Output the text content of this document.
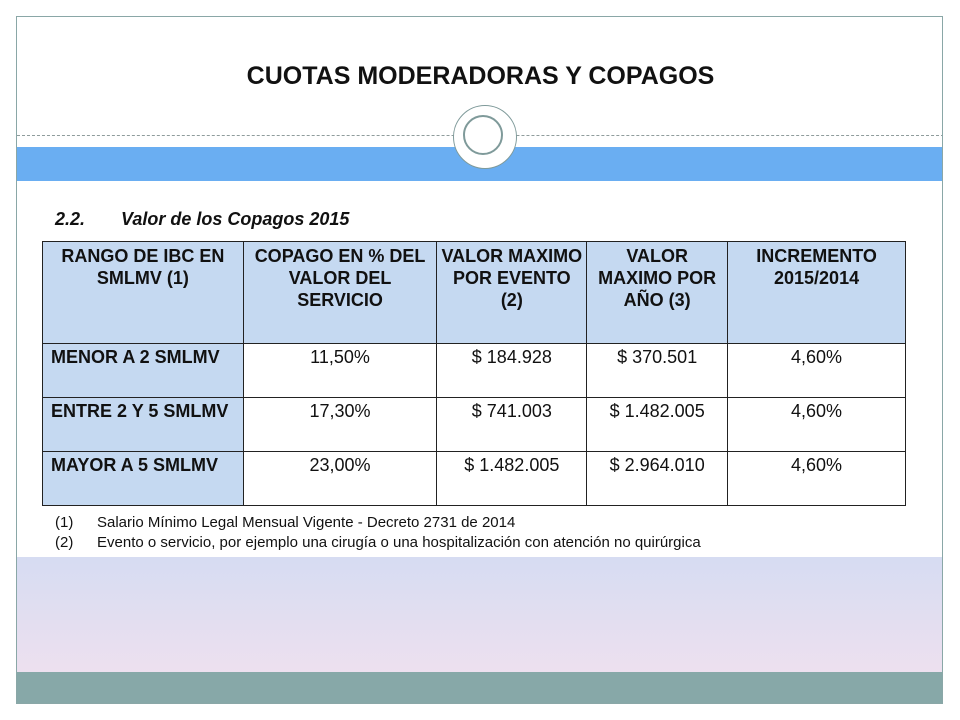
CUOTAS MODERADORAS Y COPAGOS
2.2. Valor de los Copagos 2015
RANGO DE IBC EN SMLMV (1)	COPAGO EN % DEL VALOR DEL SERVICIO	VALOR MAXIMO POR EVENTO (2)	VALOR MAXIMO POR AÑO (3)	INCREMENTO 2015/2014
MENOR A 2 SMLMV	11,50%	$ 184.928	$ 370.501	4,60%
ENTRE 2 Y 5 SMLMV	17,30%	$ 741.003	$ 1.482.005	4,60%
MAYOR A 5 SMLMV	23,00%	$ 1.482.005	$ 2.964.010	4,60%
(1) Salario Mínimo Legal Mensual Vigente - Decreto 2731 de 2014
(2) Evento o servicio, por ejemplo una cirugía o una hospitalización con atención no quirúrgica
